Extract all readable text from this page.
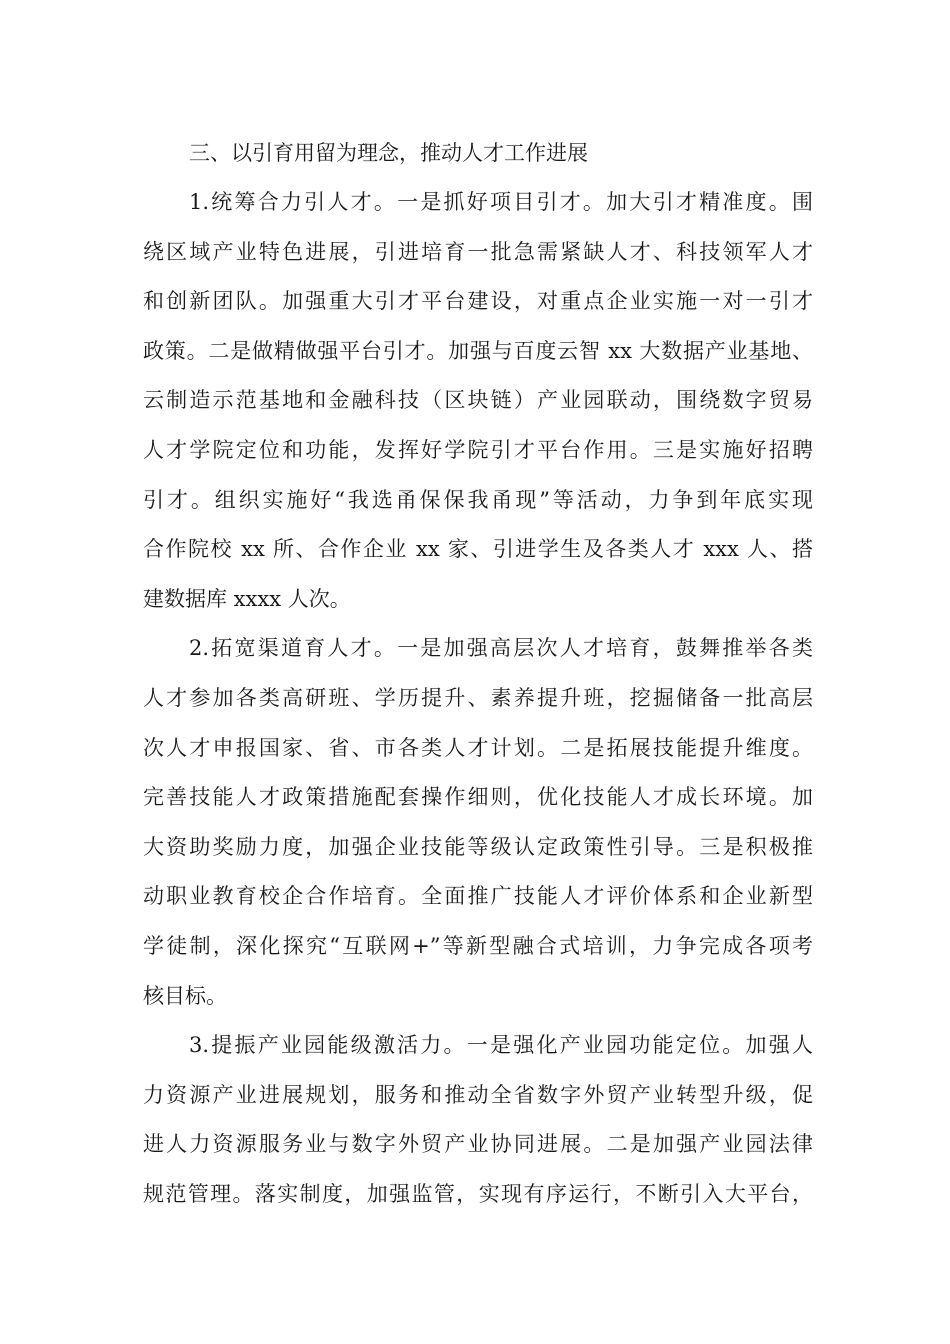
三、以引育用留为理念，推动人才工作进展
1.统筹合力引人才。一是抓好项目引才。加大引才精准度。围
绕区域产业特色进展，引进培育一批急需紧缺人才、科技领军人才
和创新团队。加强重大引才平台建设，对重点企业实施一对一引才
政策。二是做精做强平台引才。加强与百度云智 xx 大数据产业基地、
云制造示范基地和金融科技（区块链）产业园联动，围绕数字贸易
人才学院定位和功能，发挥好学院引才平台作用。三是实施好招聘
引才。组织实施好“我选甬保保我甬现”等活动，力争到年底实现
合作院校 xx 所、合作企业 xx 家、引进学生及各类人才 xxx 人、搭
建数据库 xxxx 人次。
2.拓宽渠道育人才。一是加强高层次人才培育，鼓舞推举各类
人才参加各类高研班、学历提升、素养提升班，挖掘储备一批高层
次人才申报国家、省、市各类人才计划。二是拓展技能提升维度。
完善技能人才政策措施配套操作细则，优化技能人才成长环境。加
大资助奖励力度，加强企业技能等级认定政策性引导。三是积极推
动职业教育校企合作培育。全面推广技能人才评价体系和企业新型
学徒制，深化探究“互联网+”等新型融合式培训，力争完成各项考
核目标。
3.提振产业园能级激活力。一是强化产业园功能定位。加强人
力资源产业进展规划，服务和推动全省数字外贸产业转型升级，促
进人力资源服务业与数字外贸产业协同进展。二是加强产业园法律
规范管理。落实制度，加强监管，实现有序运行，不断引入大平台，
